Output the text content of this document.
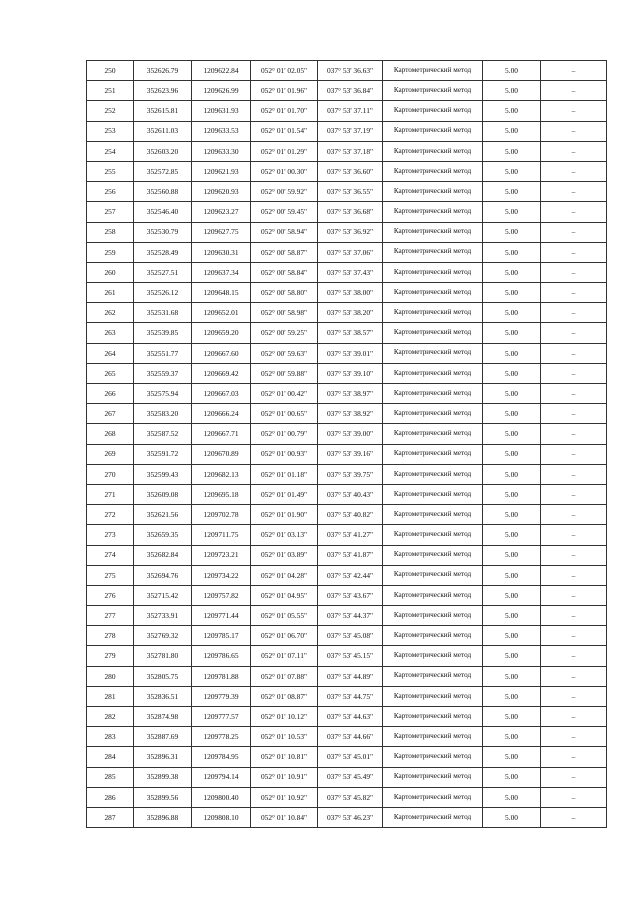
250	352626.79	1209622.84	052° 01' 02.05"	037° 53' 36.63"	Картометрический метод	5.00	–
251	352623.96	1209626.99	052° 01' 01.96"	037° 53' 36.84"	Картометрический метод	5.00	–
252	352615.81	1209631.93	052° 01' 01.70"	037° 53' 37.11"	Картометрический метод	5.00	–
253	352611.03	1209633.53	052° 01' 01.54"	037° 53' 37.19"	Картометрический метод	5.00	–
254	352603.20	1209633.30	052° 01' 01.29"	037° 53' 37.18"	Картометрический метод	5.00	–
255	352572.85	1209621.93	052° 01' 00.30"	037° 53' 36.60"	Картометрический метод	5.00	–
256	352560.88	1209620.93	052° 00' 59.92"	037° 53' 36.55"	Картометрический метод	5.00	–
257	352546.40	1209623.27	052° 00' 59.45"	037° 53' 36.68"	Картометрический метод	5.00	–
258	352530.79	1209627.75	052° 00' 58.94"	037° 53' 36.92"	Картометрический метод	5.00	–
259	352528.49	1209630.31	052° 00' 58.87"	037° 53' 37.06"	Картометрический метод	5.00	–
260	352527.51	1209637.34	052° 00' 58.84"	037° 53' 37.43"	Картометрический метод	5.00	–
261	352526.12	1209648.15	052° 00' 58.80"	037° 53' 38.00"	Картометрический метод	5.00	–
262	352531.68	1209652.01	052° 00' 58.98"	037° 53' 38.20"	Картометрический метод	5.00	–
263	352539.85	1209659.20	052° 00' 59.25"	037° 53' 38.57"	Картометрический метод	5.00	–
264	352551.77	1209667.60	052° 00' 59.63"	037° 53' 39.01"	Картометрический метод	5.00	–
265	352559.37	1209669.42	052° 00' 59.88"	037° 53' 39.10"	Картометрический метод	5.00	–
266	352575.94	1209667.03	052° 01' 00.42"	037° 53' 38.97"	Картометрический метод	5.00	–
267	352583.20	1209666.24	052° 01' 00.65"	037° 53' 38.92"	Картометрический метод	5.00	–
268	352587.52	1209667.71	052° 01' 00.79"	037° 53' 39.00"	Картометрический метод	5.00	–
269	352591.72	1209670.89	052° 01' 00.93"	037° 53' 39.16"	Картометрический метод	5.00	–
270	352599.43	1209682.13	052° 01' 01.18"	037° 53' 39.75"	Картометрический метод	5.00	–
271	352609.08	1209695.18	052° 01' 01.49"	037° 53' 40.43"	Картометрический метод	5.00	–
272	352621.56	1209702.78	052° 01' 01.90"	037° 53' 40.82"	Картометрический метод	5.00	–
273	352659.35	1209711.75	052° 01' 03.13"	037° 53' 41.27"	Картометрический метод	5.00	–
274	352682.84	1209723.21	052° 01' 03.89"	037° 53' 41.87"	Картометрический метод	5.00	–
275	352694.76	1209734.22	052° 01' 04.28"	037° 53' 42.44"	Картометрический метод	5.00	–
276	352715.42	1209757.82	052° 01' 04.95"	037° 53' 43.67"	Картометрический метод	5.00	–
277	352733.91	1209771.44	052° 01' 05.55"	037° 53' 44.37"	Картометрический метод	5.00	–
278	352769.32	1209785.17	052° 01' 06.70"	037° 53' 45.08"	Картометрический метод	5.00	–
279	352781.80	1209786.65	052° 01' 07.11"	037° 53' 45.15"	Картометрический метод	5.00	–
280	352805.75	1209781.88	052° 01' 07.88"	037° 53' 44.89"	Картометрический метод	5.00	–
281	352836.51	1209779.39	052° 01' 08.87"	037° 53' 44.75"	Картометрический метод	5.00	–
282	352874.98	1209777.57	052° 01' 10.12"	037° 53' 44.63"	Картометрический метод	5.00	–
283	352887.69	1209778.25	052° 01' 10.53"	037° 53' 44.66"	Картометрический метод	5.00	–
284	352896.31	1209784.95	052° 01' 10.81"	037° 53' 45.01"	Картометрический метод	5.00	–
285	352899.38	1209794.14	052° 01' 10.91"	037° 53' 45.49"	Картометрический метод	5.00	–
286	352899.56	1209800.40	052° 01' 10.92"	037° 53' 45.82"	Картометрический метод	5.00	–
287	352896.88	1209808.10	052° 01' 10.84"	037° 53' 46.23"	Картометрический метод	5.00	–
